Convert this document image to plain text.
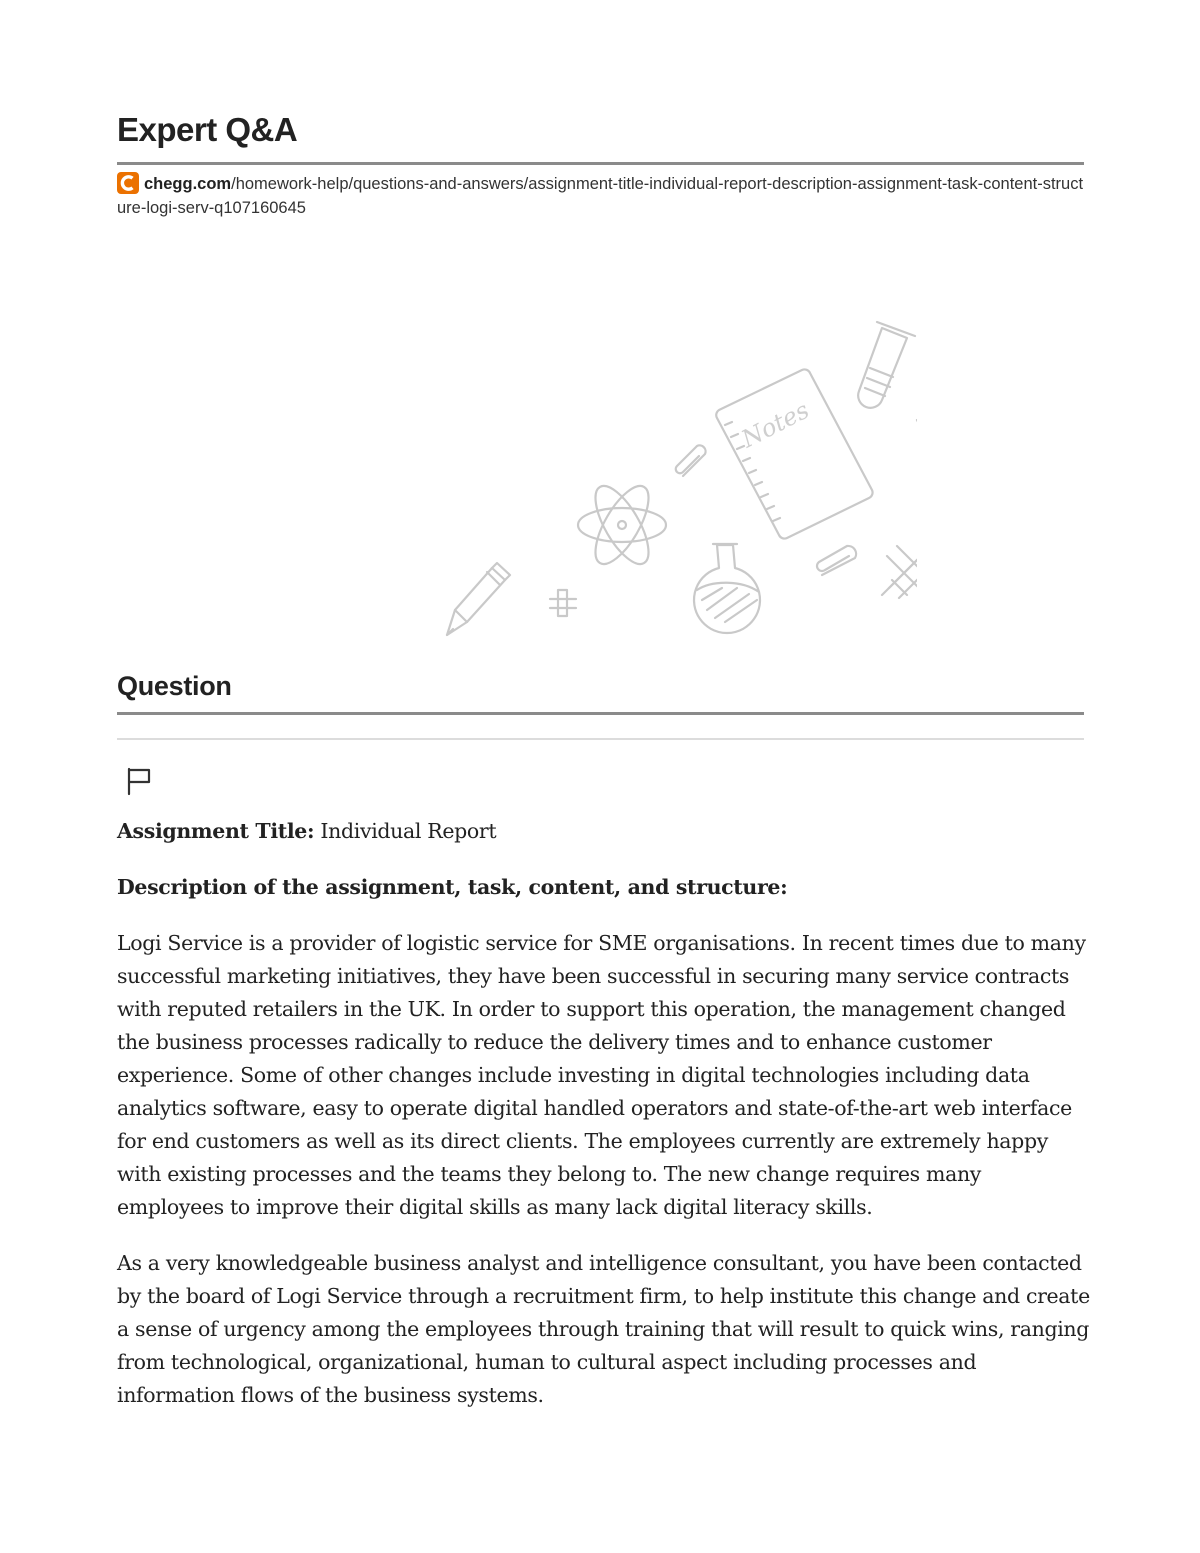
Expert Q&A
chegg.com/homework-help/questions-and-answers/assignment-title-individual-report-description-assignment-task-content-structure-logi-serv-q107160645
Notes
Question

Assignment Title: Individual Report

Description of the assignment, task, content, and structure:

Logi Service is a provider of logistic service for SME organisations. In recent times due to many successful marketing initiatives, they have been successful in securing many service contracts with reputed retailers in the UK. In order to support this operation, the management changed the business processes radically to reduce the delivery times and to enhance customer experience. Some of other changes include investing in digital technologies including data analytics software, easy to operate digital handled operators and state-of-the-art web interface for end customers as well as its direct clients. The employees currently are extremely happy with existing processes and the teams they belong to. The new change requires many employees to improve their digital skills as many lack digital literacy skills.

As a very knowledgeable business analyst and intelligence consultant, you have been contacted by the board of Logi Service through a recruitment firm, to help institute this change and create a sense of urgency among the employees through training that will result to quick wins, ranging from technological, organizational, human to cultural aspect including processes and information flows of the business systems.
